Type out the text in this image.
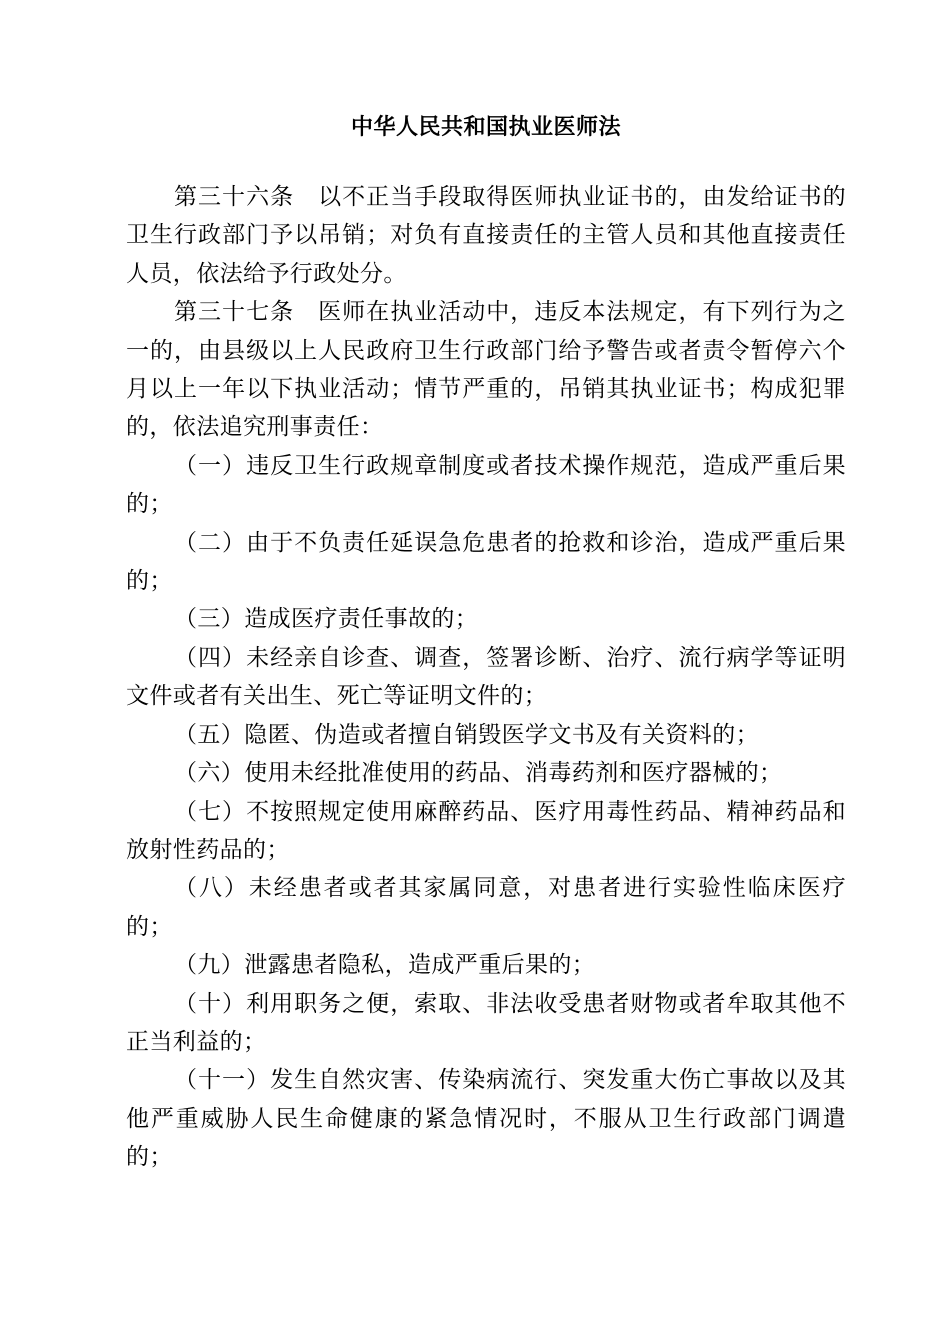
中华人民共和国执业医师法

第三十六条　以不正当手段取得医师执业证书的，由发给证书的卫生行政部门予以吊销；对负有直接责任的主管人员和其他直接责任人员，依法给予行政处分。

第三十七条　医师在执业活动中，违反本法规定，有下列行为之一的，由县级以上人民政府卫生行政部门给予警告或者责令暂停六个月以上一年以下执业活动；情节严重的，吊销其执业证书；构成犯罪的，依法追究刑事责任：

（一）违反卫生行政规章制度或者技术操作规范，造成严重后果的；

（二）由于不负责任延误急危患者的抢救和诊治，造成严重后果的；

（三）造成医疗责任事故的；

（四）未经亲自诊查、调查，签署诊断、治疗、流行病学等证明文件或者有关出生、死亡等证明文件的；

（五）隐匿、伪造或者擅自销毁医学文书及有关资料的；

（六）使用未经批准使用的药品、消毒药剂和医疗器械的；

（七）不按照规定使用麻醉药品、医疗用毒性药品、精神药品和放射性药品的；

（八）未经患者或者其家属同意，对患者进行实验性临床医疗的；

（九）泄露患者隐私，造成严重后果的；

（十）利用职务之便，索取、非法收受患者财物或者牟取其他不正当利益的；

（十一）发生自然灾害、传染病流行、突发重大伤亡事故以及其他严重威胁人民生命健康的紧急情况时，不服从卫生行政部门调遣的；
